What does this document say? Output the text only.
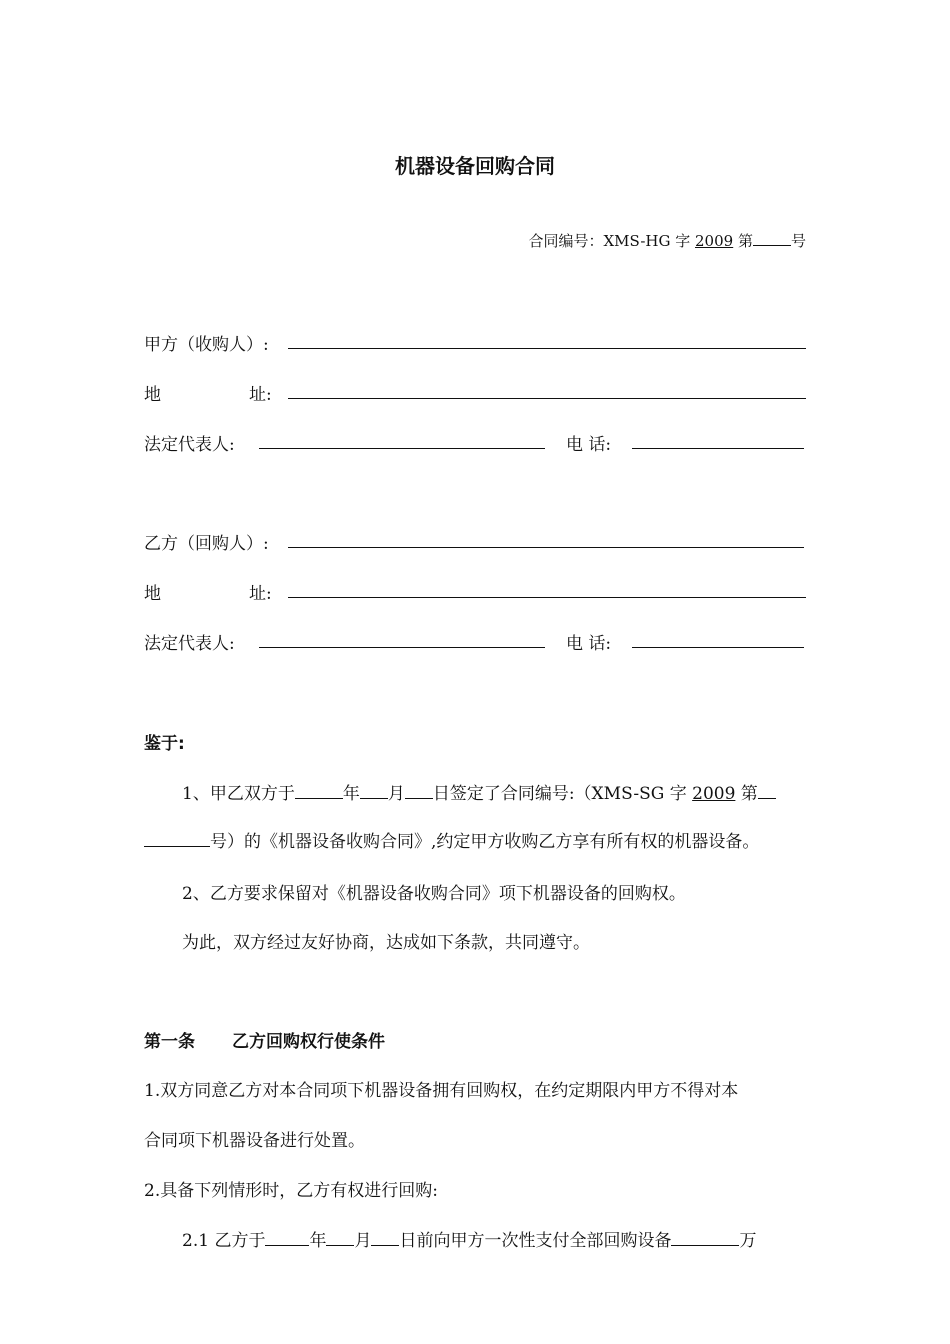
机器设备回购合同
合同编号：XMS-HG 字 2009 第	号
甲方（收购人）:
地	址:
法定代表人:	电 话:
乙方（回购人）:
地	址:
法定代表人:	电 话:
鉴于:
1、甲乙双方于	年 月 日签定了合同编号:（XMS-SG 字 2009 第
号）的《机器设备收购合同》,约定甲方收购乙方享有所有权的机器设备。
2、乙方要求保留对《机器设备收购合同》项下机器设备的回购权。
为此，双方经过友好协商，达成如下条款，共同遵守。
第一条 乙方回购权行使条件
1.双方同意乙方对本合同项下机器设备拥有回购权，在约定期限内甲方不得对本
合同项下机器设备进行处置。
2.具备下列情形时，乙方有权进行回购:
2.1 乙方于	年 月 日前向甲方一次性支付全部回购设备	万
